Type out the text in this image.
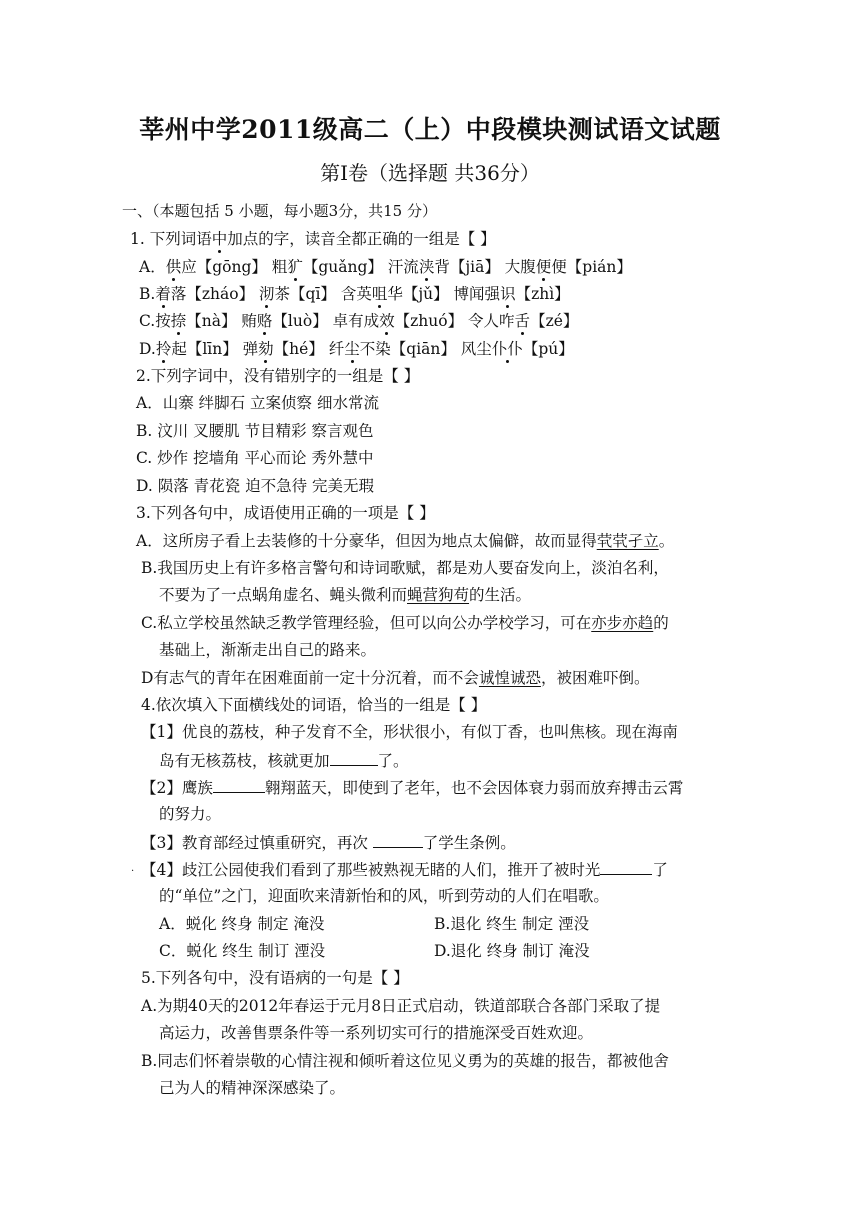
莘州中学2011级高二（上）中段模块测试语文试题
第Ⅰ卷（选择题 共36分）
一、（本题包括 5 小题，每小题3分，共15 分）
1. 下列词语中加点的字，读音全都正确的一组是【 】
A．供应【gōng】 粗犷【guǎng】 汗流浃背【jiā】 大腹便便【pián】
B.着落【zháo】 沏茶【qī】 含英咀华【jǔ】 博闻强识【zhì】
C.按捺【nà】 贿赂【luò】 卓有成效【zhuó】 令人咋舌【zé】
D.拎起【līn】 弹劾【hé】 纤尘不染【qiān】 风尘仆仆【pú】
2.下列字词中，没有错别字的一组是【 】
A．山寨 绊脚石 立案侦察 细水常流
B. 汶川 叉腰肌 节目精彩 察言观色
C. 炒作 挖墙角 平心而论 秀外慧中
D. 陨落 青花瓷 迫不急待 完美无瑕
3.下列各句中，成语使用正确的一项是【 】
A．这所房子看上去装修的十分豪华，但因为地点太偏僻，故而显得茕茕孑立。
B.我国历史上有许多格言警句和诗词歌赋，都是劝人要奋发向上，淡泊名利，
不要为了一点蜗角虚名、蝇头微利而蝇营狗苟的生活。
C.私立学校虽然缺乏教学管理经验，但可以向公办学校学习，可在亦步亦趋的
基础上，渐渐走出自己的路来。
D有志气的青年在困难面前一定十分沉着，而不会诚惶诚恐，被困难吓倒。
4.依次填入下面横线处的词语，恰当的一组是【 】
【1】优良的荔枝，种子发育不全，形状很小，有似丁香，也叫焦核。现在海南
岛有无核荔枝，核就更加	了。
【2】鹰族	翱翔蓝天，即使到了老年，也不会因体衰力弱而放弃搏击云霄
的努力。
【3】教育部经过慎重研究，再次	了学生条例。
. 【4】歧江公园使我们看到了那些被熟视无睹的人们，推开了被时光	了
的“单位”之门，迎面吹来清新怡和的风，听到劳动的人们在唱歌。
A．蜕化 终身 制定 淹没	B.退化 终生 制定 湮没
C．蜕化 终生 制订 湮没	D.退化 终身 制订 淹没
5.下列各句中，没有语病的一句是【 】
A.为期40天的2012年春运于元月8日正式启动，铁道部联合各部门采取了提
高运力，改善售票条件等一系列切实可行的措施深受百姓欢迎。
B.同志们怀着崇敬的心情注视和倾听着这位见义勇为的英雄的报告，都被他舍
己为人的精神深深感染了。
